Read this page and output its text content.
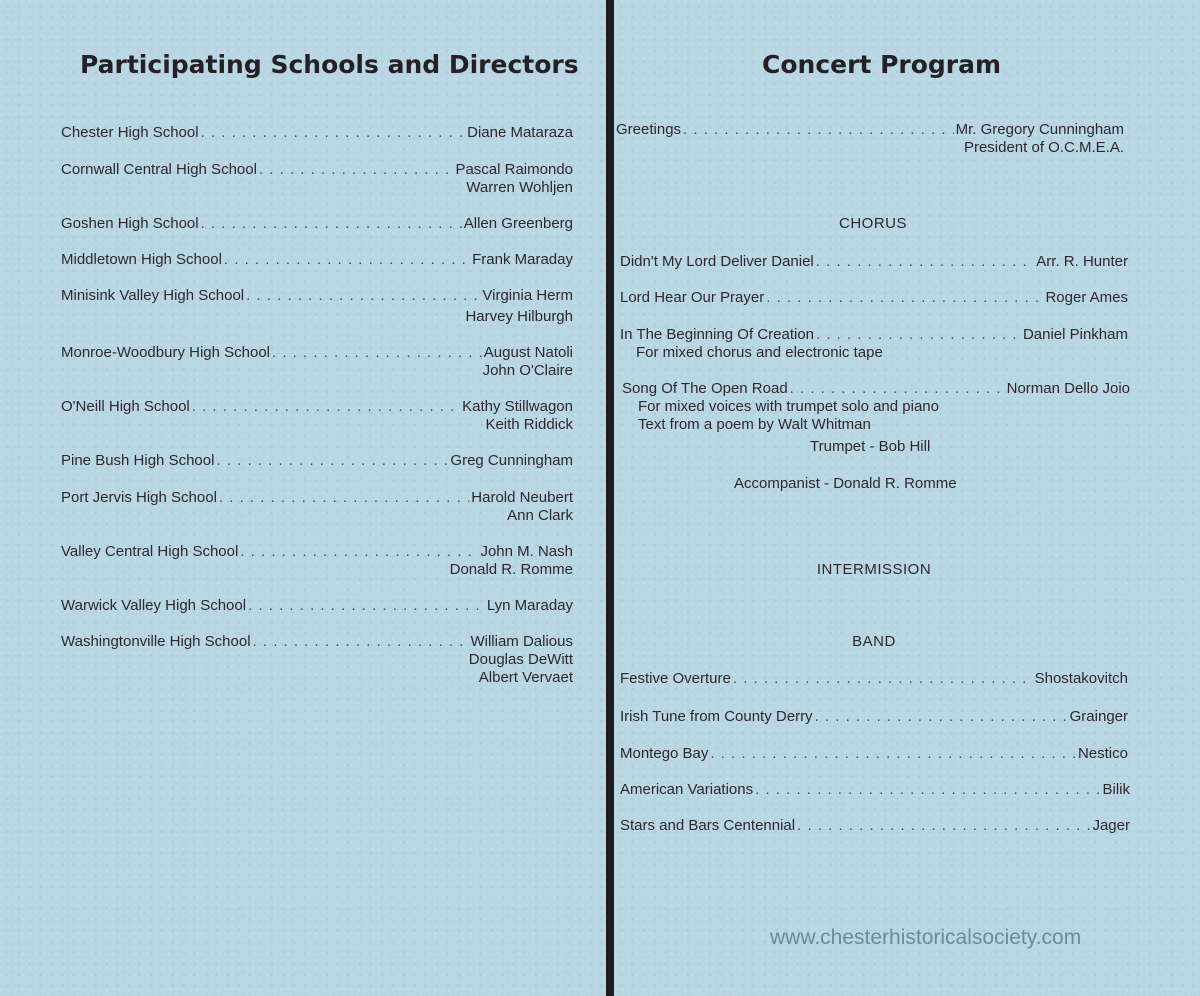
Participating Schools and Directors
Chester High School . . .	Diane Mataraza
Cornwall Central High School . . .	Pascal Raimondo
Warren Wohljen
Goshen High School . . .	Allen Greenberg
Middletown High School . . .	Frank Maraday
Minisink Valley High School . . .	Virginia Herm
Harvey Hilburgh
Monroe-Woodbury High School . . .	August Natoli
John O'Claire
O'Neill High School . . .	Kathy Stillwagon
Keith Riddick
Pine Bush High School . . .	Greg Cunningham
Port Jervis High School . . .	Harold Neubert
Ann Clark
Valley Central High School . . .	John M. Nash
Donald R. Romme
Warwick Valley High School . . .	Lyn Maraday
Washingtonville High School . . .	William Dalious
Douglas DeWitt
Albert Vervaet
Concert Program
Greetings . . .	Mr. Gregory Cunningham
President of O.C.M.E.A.
CHORUS
Didn't My Lord Deliver Daniel . . .	Arr. R. Hunter
Lord Hear Our Prayer . . .	Roger Ames
In The Beginning Of Creation . . .	Daniel Pinkham
For mixed chorus and electronic tape
Song Of The Open Road . . .	Norman Dello Joio
For mixed voices with trumpet solo and piano
Text from a poem by Walt Whitman
Trumpet - Bob Hill
Accompanist - Donald R. Romme
INTERMISSION
BAND
Festive Overture . . .	Shostakovitch
Irish Tune from County Derry . . .	Grainger
Montego Bay . . .	Nestico
American Variations . . .	Bilik
Stars and Bars Centennial . . .	Jager
www.chesterhistoricalsociety.com
